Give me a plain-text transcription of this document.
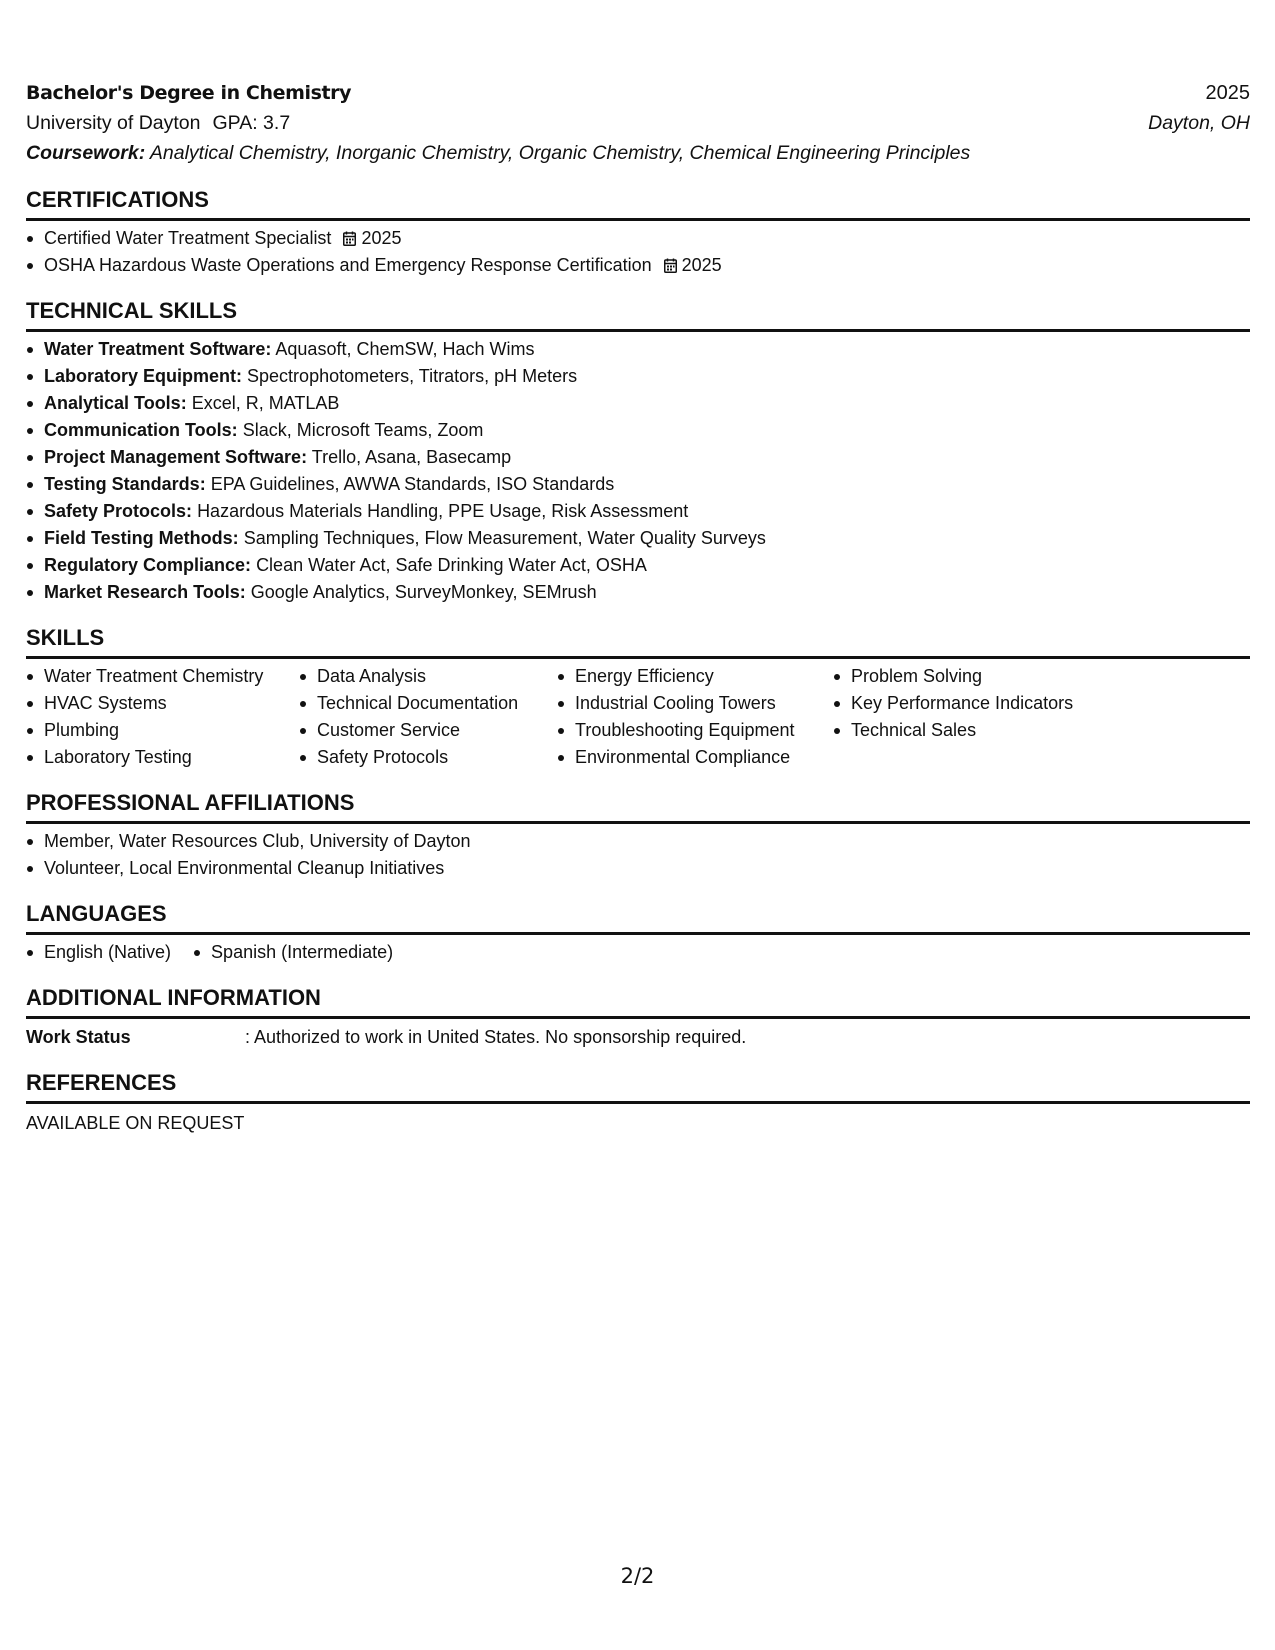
Bachelor's Degree in Chemistry	2025
University of Dayton GPA: 3.7	Dayton, OH
Coursework: Analytical Chemistry, Inorganic Chemistry, Organic Chemistry, Chemical Engineering Principles
CERTIFICATIONS
Certified Water Treatment Specialist 2025
OSHA Hazardous Waste Operations and Emergency Response Certification 2025
TECHNICAL SKILLS
Water Treatment Software: Aquasoft, ChemSW, Hach Wims
Laboratory Equipment: Spectrophotometers, Titrators, pH Meters
Analytical Tools: Excel, R, MATLAB
Communication Tools: Slack, Microsoft Teams, Zoom
Project Management Software: Trello, Asana, Basecamp
Testing Standards: EPA Guidelines, AWWA Standards, ISO Standards
Safety Protocols: Hazardous Materials Handling, PPE Usage, Risk Assessment
Field Testing Methods: Sampling Techniques, Flow Measurement, Water Quality Surveys
Regulatory Compliance: Clean Water Act, Safe Drinking Water Act, OSHA
Market Research Tools: Google Analytics, SurveyMonkey, SEMrush
SKILLS
Water Treatment Chemistry
HVAC Systems
Plumbing
Laboratory Testing
Data Analysis
Technical Documentation
Customer Service
Safety Protocols
Energy Efficiency
Industrial Cooling Towers
Troubleshooting Equipment
Environmental Compliance
Problem Solving
Key Performance Indicators
Technical Sales
PROFESSIONAL AFFILIATIONS
Member, Water Resources Club, University of Dayton
Volunteer, Local Environmental Cleanup Initiatives
LANGUAGES
English (Native)	Spanish (Intermediate)
ADDITIONAL INFORMATION
Work Status	: Authorized to work in United States. No sponsorship required.
REFERENCES
AVAILABLE ON REQUEST
2/2
